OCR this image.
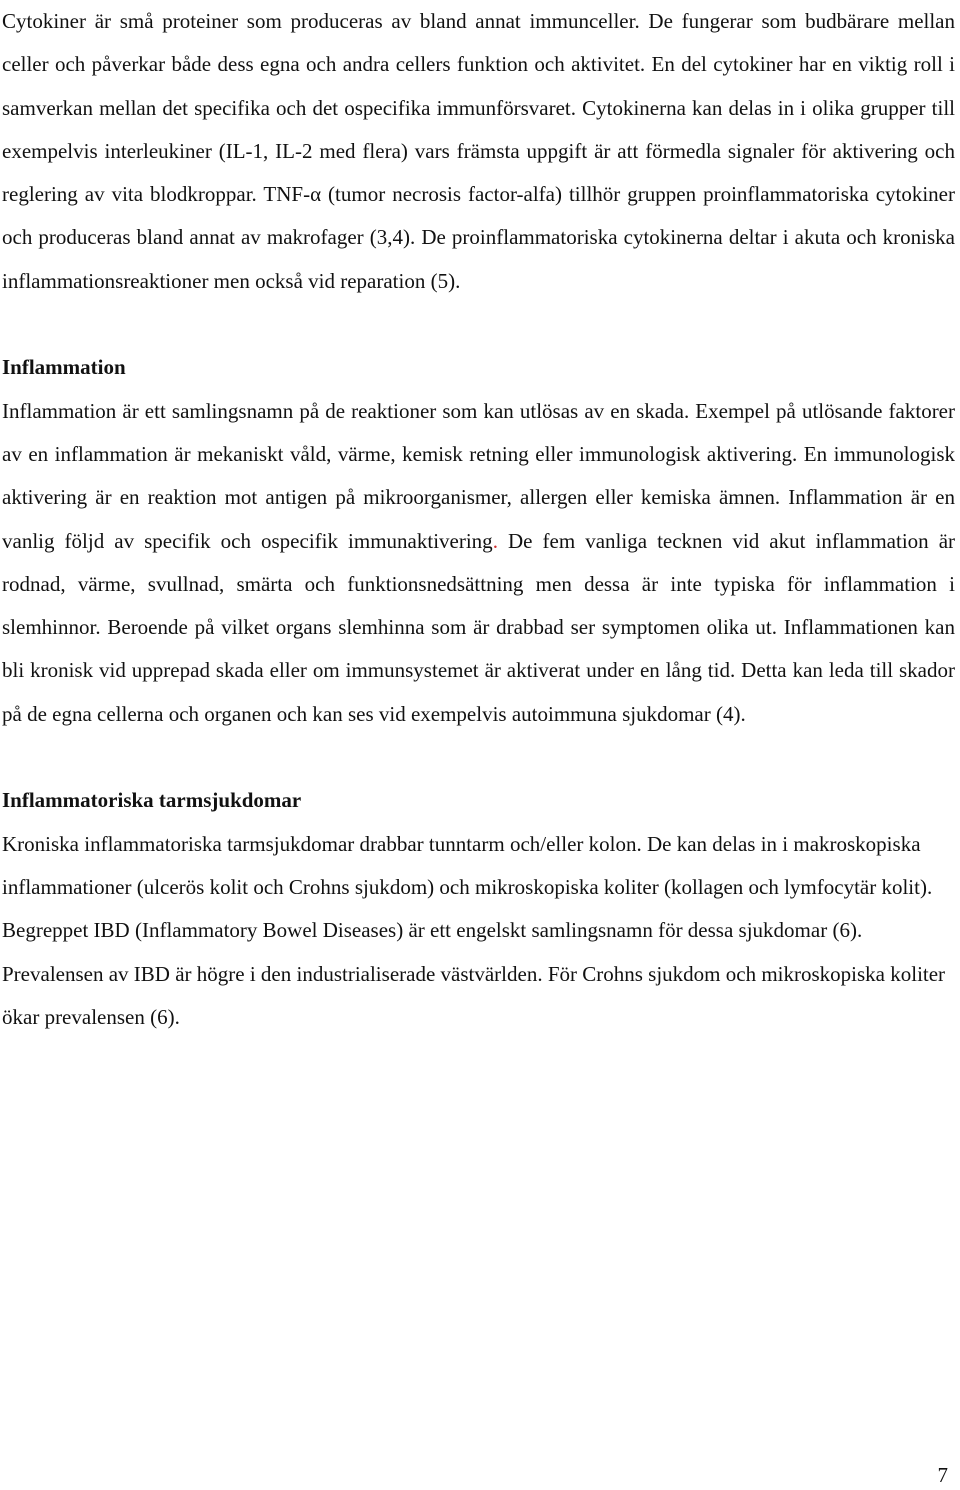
Cytokiner är små proteiner som produceras av bland annat immunceller. De fungerar som budbärare mellan celler och påverkar både dess egna och andra cellers funktion och aktivitet. En del cytokiner har en viktig roll i samverkan mellan det specifika och det ospecifika immunförsvaret. Cytokinerna kan delas in i olika grupper till exempelvis interleukiner (IL-1, IL-2 med flera) vars främsta uppgift är att förmedla signaler för aktivering och reglering av vita blodkroppar. TNF-α (tumor necrosis factor-alfa) tillhör gruppen proinflammatoriska cytokiner och produceras bland annat av makrofager (3,4). De proinflammatoriska cytokinerna deltar i akuta och kroniska inflammationsreaktioner men också vid reparation (5).

Inflammation

Inflammation är ett samlingsnamn på de reaktioner som kan utlösas av en skada. Exempel på utlösande faktorer av en inflammation är mekaniskt våld, värme, kemisk retning eller immunologisk aktivering. En immunologisk aktivering är en reaktion mot antigen på mikroorganismer, allergen eller kemiska ämnen. Inflammation är en vanlig följd av specifik och ospecifik immunaktivering. De fem vanliga tecknen vid akut inflammation är rodnad, värme, svullnad, smärta och funktionsnedsättning men dessa är inte typiska för inflammation i slemhinnor. Beroende på vilket organs slemhinna som är drabbad ser symptomen olika ut. Inflammationen kan bli kronisk vid upprepad skada eller om immunsystemet är aktiverat under en lång tid. Detta kan leda till skador på de egna cellerna och organen och kan ses vid exempelvis autoimmuna sjukdomar (4).

Inflammatoriska tarmsjukdomar

Kroniska inflammatoriska tarmsjukdomar drabbar tunntarm och/eller kolon. De kan delas in i makroskopiska inflammationer (ulcerös kolit och Crohns sjukdom) och mikroskopiska koliter (kollagen och lymfocytär kolit). Begreppet IBD (Inflammatory Bowel Diseases) är ett engelskt samlingsnamn för dessa sjukdomar (6). Prevalensen av IBD är högre i den industrialiserade västvärlden. För Crohns sjukdom och mikroskopiska koliter ökar prevalensen (6).

7
